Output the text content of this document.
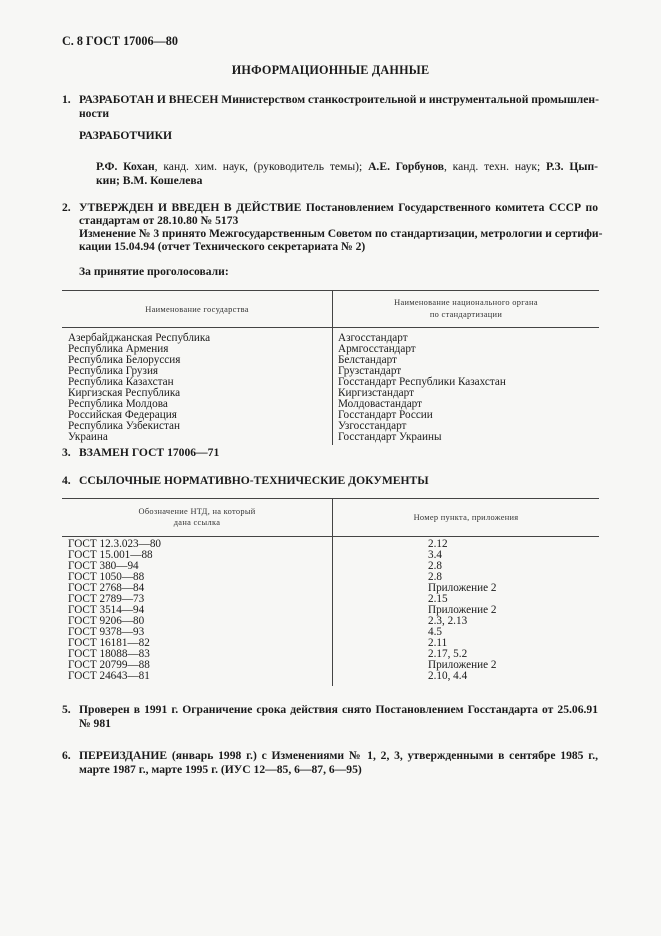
С. 8 ГОСТ 17006—80
ИНФОРМАЦИОННЫЕ ДАННЫЕ
1. РАЗРАБОТАН И ВНЕСЕН Министерством станкостроительной и инструментальной промышлен-
ности
РАЗРАБОТЧИКИ
Р.Ф. Кохан, канд. хим. наук, (руководитель темы); А.Е. Горбунов, канд. техн. наук; Р.З. Цып-
кин; В.М. Кошелева
2. УТВЕРЖДЕН И ВВЕДЕН В ДЕЙСТВИЕ Постановлением Государственного комитета СССР по
стандартам от 28.10.80 № 5173
Изменение № 3 принято Межгосударственным Советом по стандартизации, метрологии и сертифи-
кации 15.04.94 (отчет Технического секретариата № 2)
За принятие проголосовали:
Наименование государства
Наименование национального органа
по стандартизации
Азербайджанская Республика
Республика Армения
Республика Белоруссия
Республика Грузия
Республика Казахстан
Киргизская Республика
Республика Молдова
Российская Федерация
Республика Узбекистан
Украина
Азгосстандарт
Армгосстандарт
Белстандарт
Грузстандарт
Госстандарт Республики Казахстан
Киргизстандарт
Молдовастандарт
Госстандарт России
Узгосстандарт
Госстандарт Украины
3. ВЗАМЕН ГОСТ 17006—71
4. ССЫЛОЧНЫЕ НОРМАТИВНО-ТЕХНИЧЕСКИЕ ДОКУМЕНТЫ
Обозначение НТД, на который
дана ссылка
Номер пункта, приложения
ГОСТ 12.3.023—80
ГОСТ 15.001—88
ГОСТ 380—94
ГОСТ 1050—88
ГОСТ 2768—84
ГОСТ 2789—73
ГОСТ 3514—94
ГОСТ 9206—80
ГОСТ 9378—93
ГОСТ 16181—82
ГОСТ 18088—83
ГОСТ 20799—88
ГОСТ 24643—81
2.12
3.4
2.8
2.8
Приложение 2
2.15
Приложение 2
2.3, 2.13
4.5
2.11
2.17, 5.2
Приложение 2
2.10, 4.4
5. Проверен в 1991 г. Ограничение срока действия снято Постановлением Госстандарта от 25.06.91
№ 981
6. ПЕРЕИЗДАНИЕ (январь 1998 г.) с Изменениями № 1, 2, 3, утвержденными в сентябре 1985 г.,
марте 1987 г., марте 1995 г. (ИУС 12—85, 6—87, 6—95)
